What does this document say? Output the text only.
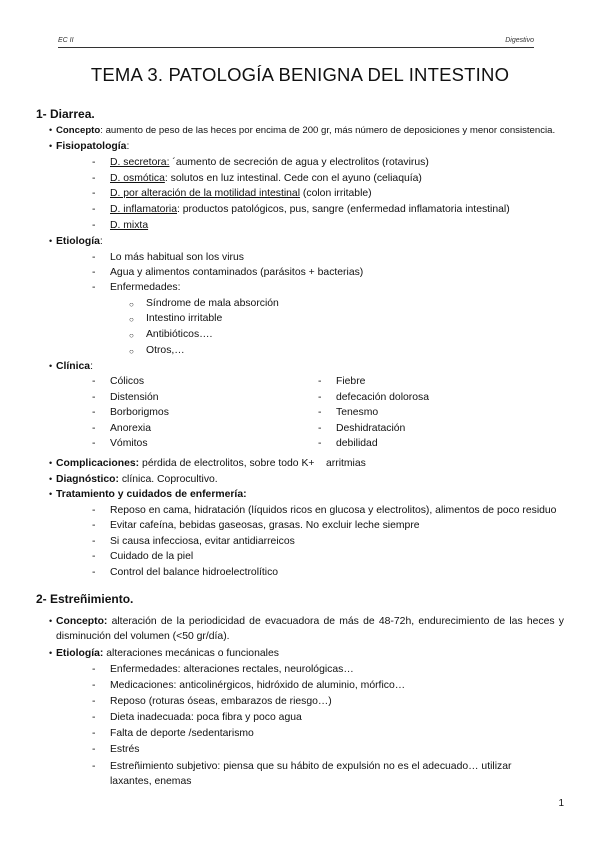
EC II	Digestivo
TEMA 3. PATOLOGÍA BENIGNA DEL INTESTINO
1- Diarrea.
• Concepto: aumento de peso de las heces por encima de 200 gr, más número de deposiciones y menor consistencia.
• Fisiopatología:
- D. secretora: ´aumento de secreción de agua y electrolitos (rotavirus)
- D. osmótica: solutos en luz intestinal. Cede con el ayuno (celiaquía)
- D. por alteración de la motilidad intestinal (colon irritable)
- D. inflamatoria: productos patológicos, pus, sangre (enfermedad inflamatoria intestinal)
- D. mixta
• Etiología:
- Lo más habitual son los virus
- Agua y alimentos contaminados (parásitos + bacterias)
- Enfermedades:
○ Síndrome de mala absorción
○ Intestino irritable
○ Antibióticos….
○ Otros,…
• Clínica:
- Cólicos
- Distensión
- Borborigmos
- Anorexia
- Vómitos
- Fiebre
- defecación dolorosa
- Tenesmo
- Deshidratación
- debilidad
• Complicaciones: pérdida de electrolitos, sobre todo K+    arritmias
• Diagnóstico: clínica. Coprocultivo.
• Tratamiento y cuidados de enfermería:
- Reposo en cama, hidratación (líquidos ricos en glucosa y electrolitos), alimentos de poco residuo
- Evitar cafeína, bebidas gaseosas, grasas. No excluir leche siempre
- Si causa infecciosa, evitar antidiarreicos
- Cuidado de la piel
- Control del balance hidroelectrolítico
2- Estreñimiento.
• Concepto: alteración de la periodicidad de evacuadora de más de 48-72h, endurecimiento de las heces y disminución del volumen (<50 gr/día).
• Etiología: alteraciones mecánicas o funcionales
- Enfermedades: alteraciones rectales, neurológicas…
- Medicaciones: anticolinérgicos, hidróxido de aluminio, mórfico…
- Reposo (roturas óseas, embarazos de riesgo…)
- Dieta inadecuada: poca fibra y poco agua
- Falta de deporte /sedentarismo
- Estrés
- Estreñimiento subjetivo: piensa que su hábito de expulsión no es el adecuado… utilizar laxantes, enemas
1
